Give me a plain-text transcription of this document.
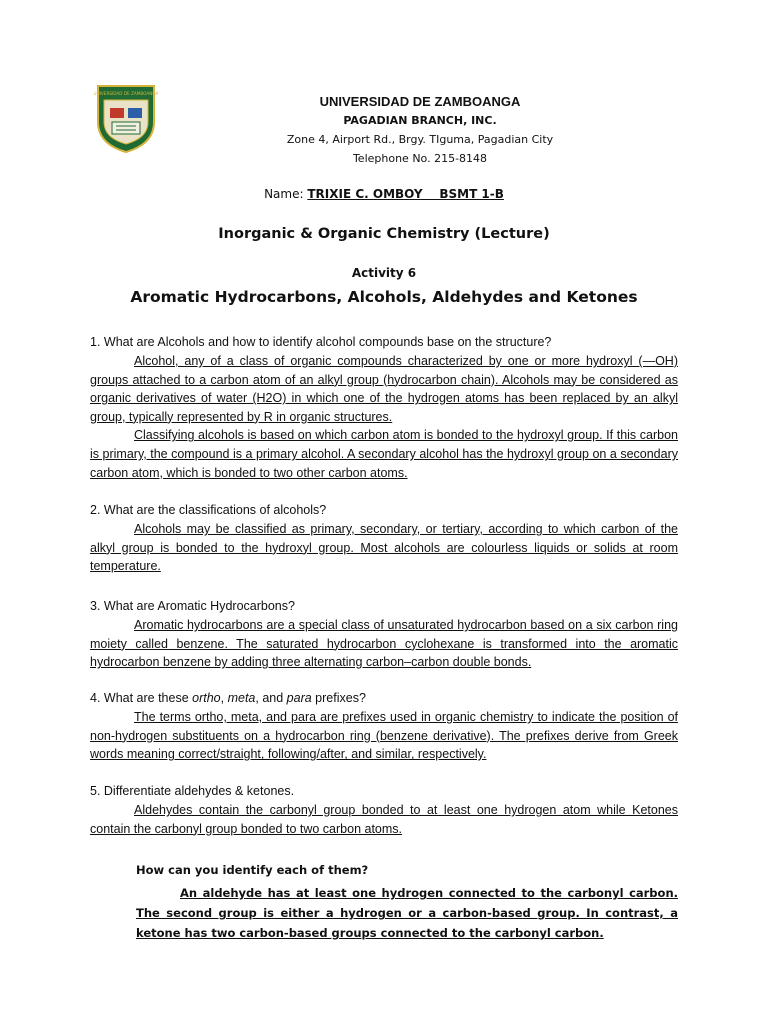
UNIVERSIDAD DE ZAMBOANGA
UNIVERSIDAD DE ZAMBOANGA
PAGADIAN BRANCH, INC.
Zone 4, Airport Rd., Brgy. TIguma, Pagadian City
Telephone No. 215-8148
Name: TRIXIE C. OMBOY    BSMT 1-B
Inorganic & Organic Chemistry (Lecture)
Activity 6
Aromatic Hydrocarbons, Alcohols, Aldehydes and Ketones

1. What are Alcohols and how to identify alcohol compounds base on the structure?

Alcohol, any of a class of organic compounds characterized by one or more hydroxyl (—OH) groups attached to a carbon atom of an alkyl group (hydrocarbon chain). Alcohols may be considered as organic derivatives of water (H2O) in which one of the hydrogen atoms has been replaced by an alkyl group, typically represented by R in organic structures.

Classifying alcohols is based on which carbon atom is bonded to the hydroxyl group. If this carbon is primary, the compound is a primary alcohol. A secondary alcohol has the hydroxyl group on a secondary carbon atom, which is bonded to two other carbon atoms.

2. What are the classifications of alcohols?

Alcohols may be classified as primary, secondary, or tertiary, according to which carbon of the alkyl group is bonded to the hydroxyl group. Most alcohols are colourless liquids or solids at room temperature.

3. What are Aromatic Hydrocarbons?

Aromatic hydrocarbons are a special class of unsaturated hydrocarbon based on a six carbon ring moiety called benzene. The saturated hydrocarbon cyclohexane is transformed into the aromatic hydrocarbon benzene by adding three alternating carbon–carbon double bonds.

4. What are these ortho, meta, and para prefixes?

The terms ortho, meta, and para are prefixes used in organic chemistry to indicate the position of non-hydrogen substituents on a hydrocarbon ring (benzene derivative). The prefixes derive from Greek words meaning correct/straight, following/after, and similar, respectively.

5. Differentiate aldehydes & ketones.

Aldehydes contain the carbonyl group bonded to at least one hydrogen atom while Ketones contain the carbonyl group bonded to two carbon atoms.

How can you identify each of them?

An aldehyde has at least one hydrogen connected to the carbonyl carbon. The second group is either a hydrogen or a carbon-based group. In contrast, a ketone has two carbon-based groups connected to the carbonyl carbon.
